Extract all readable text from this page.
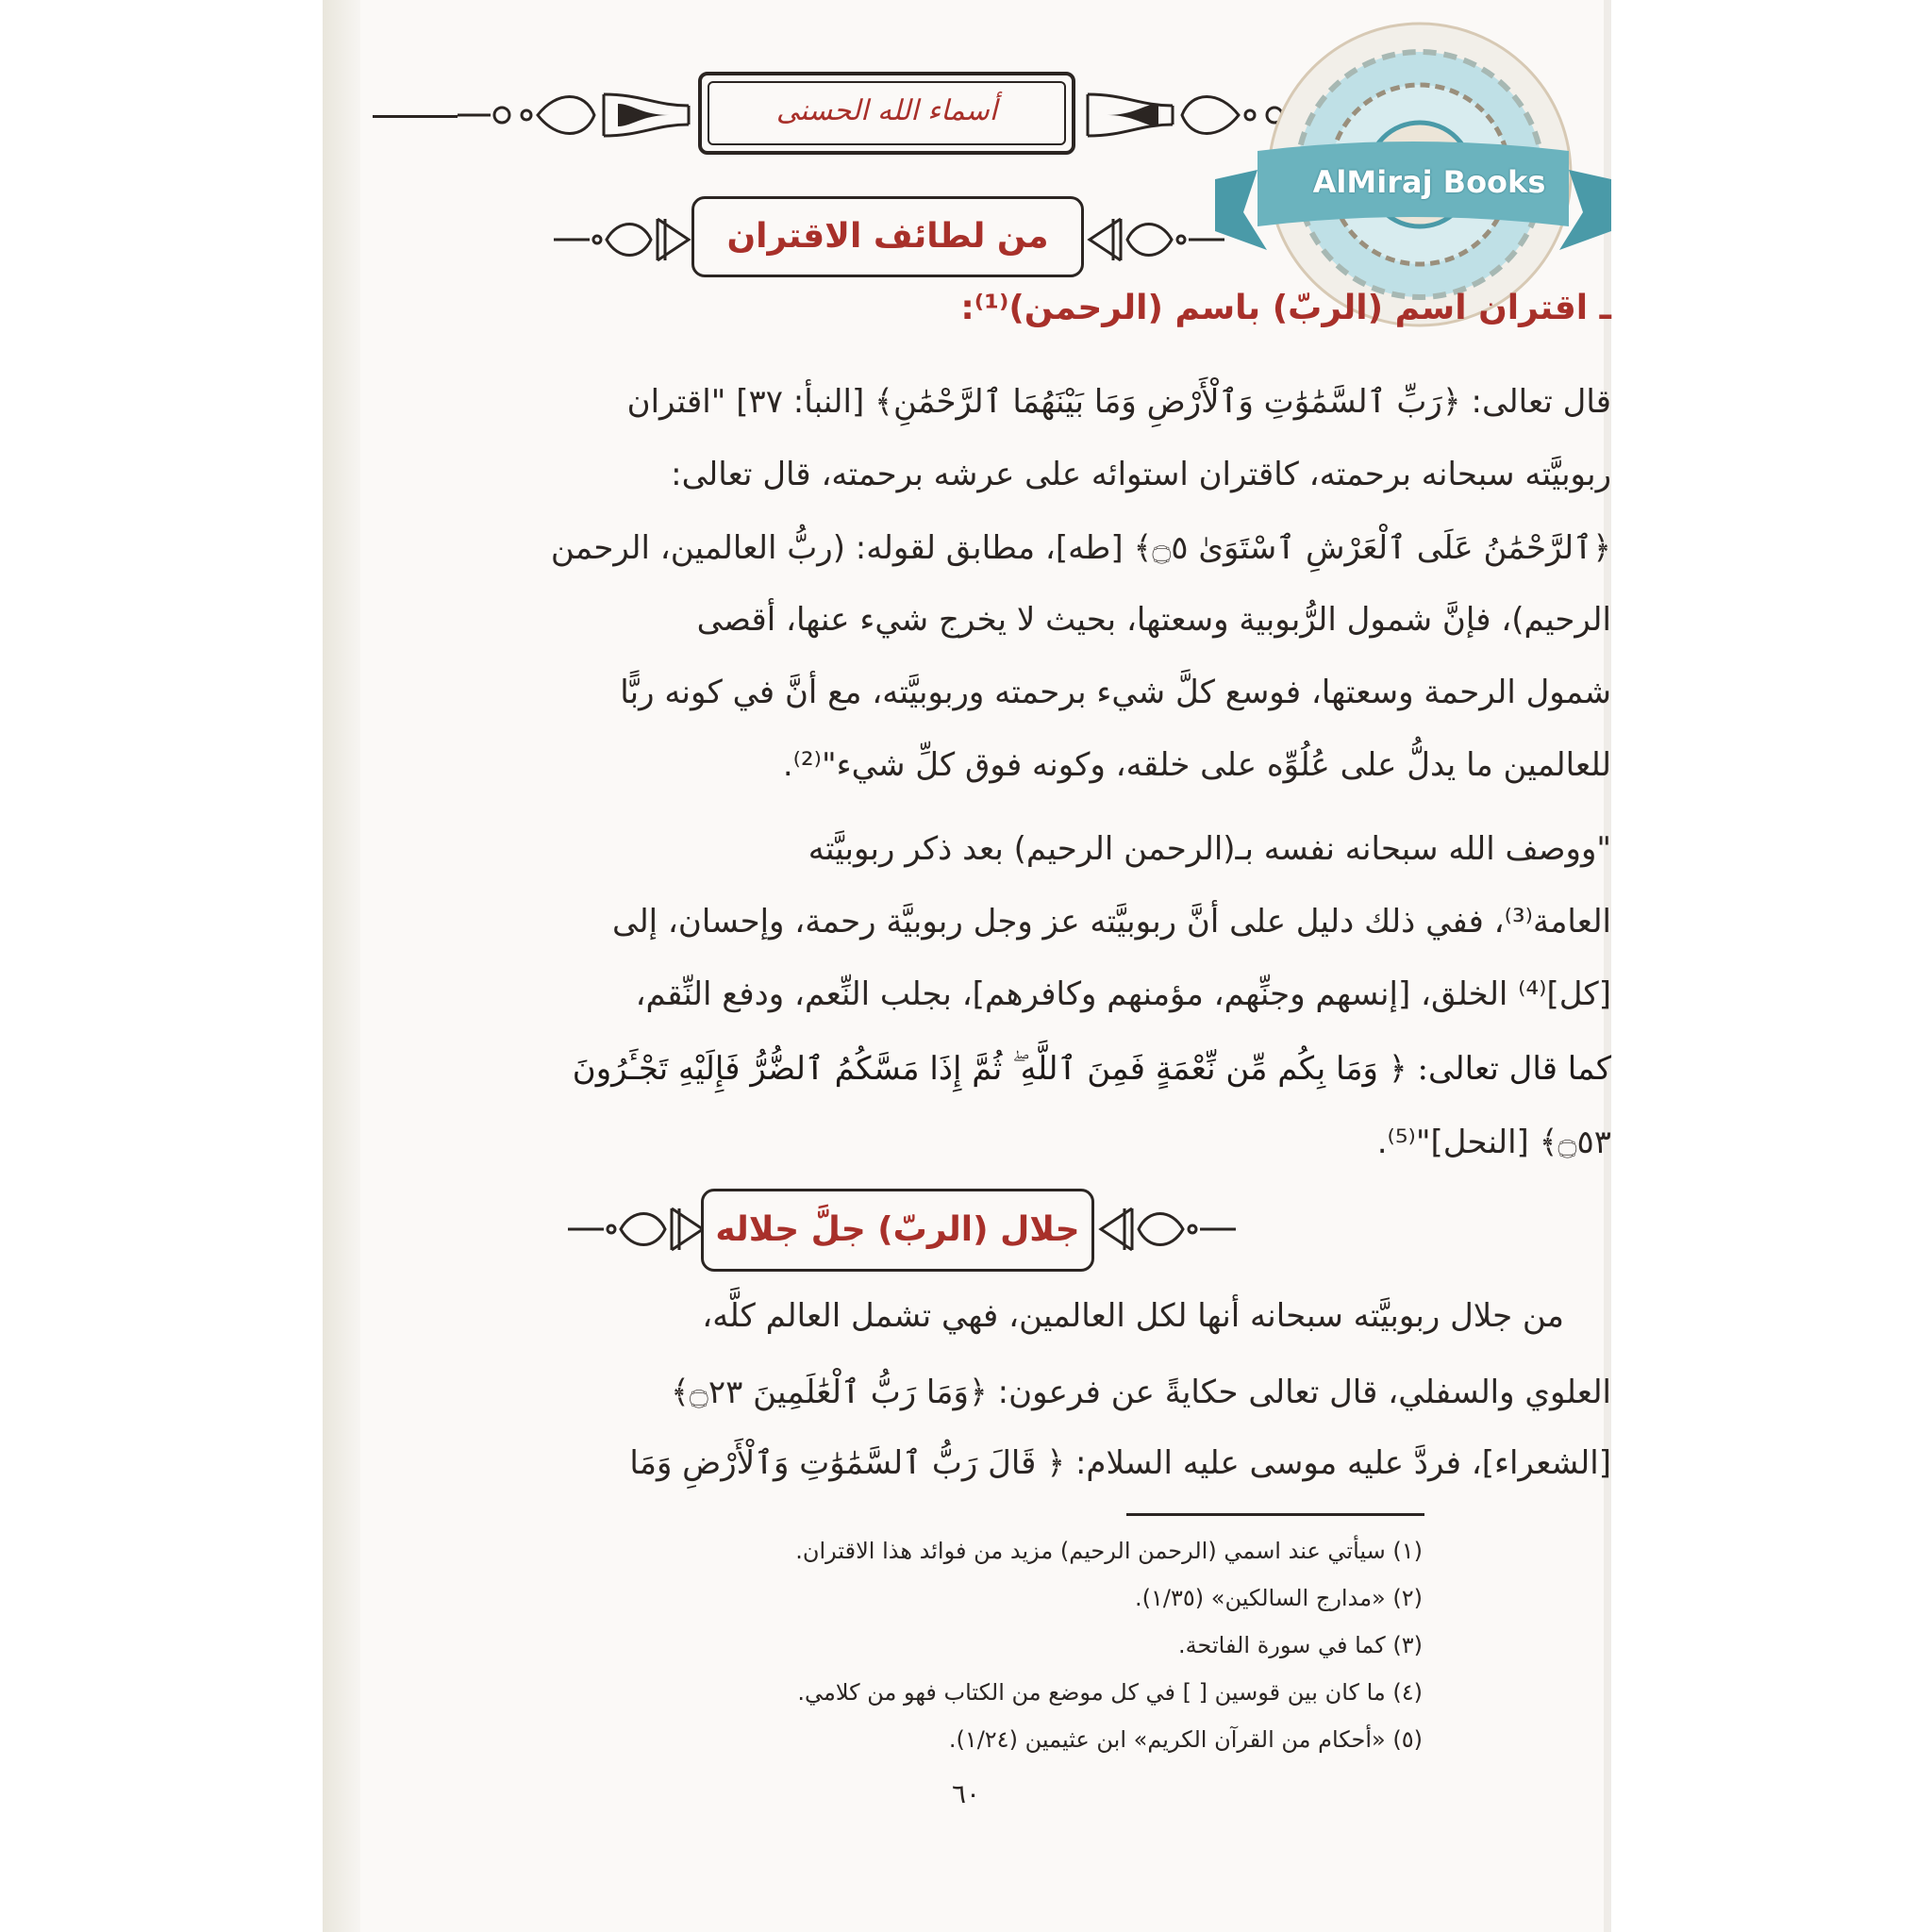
أسماء الله الحسنى
AlMiraj Books
من لطائف الاقتران
ـ اقتران اسم (الربّ) باسم (الرحمن)⁽¹⁾:
قال تعالى: ﴿رَبِّ ٱلسَّمَٰوَٰتِ وَٱلْأَرْضِ وَمَا بَيْنَهُمَا ٱلرَّحْمَٰنِ﴾ [النبأ: ٣٧] "اقتران
ربوبيَّته سبحانه برحمته، كاقتران استوائه على عرشه برحمته، قال تعالى:
﴿ٱلرَّحْمَٰنُ عَلَى ٱلْعَرْشِ ٱسْتَوَىٰ ۝٥﴾ [طه]، مطابق لقوله: (ربُّ العالمين، الرحمن
الرحيم)، فإنَّ شمول الرُّبوبية وسعتها، بحيث لا يخرج شيء عنها، أقصى
شمول الرحمة وسعتها، فوسع كلَّ شيء برحمته وربوبيَّته، مع أنَّ في كونه ربًّا
للعالمين ما يدلُّ على عُلُوِّه على خلقه، وكونه فوق كلِّ شيء"⁽²⁾.
"ووصف الله سبحانه نفسه بـ(الرحمن الرحيم) بعد ذكر ربوبيَّته
العامة⁽³⁾، ففي ذلك دليل على أنَّ ربوبيَّته عز وجل ربوبيَّة رحمة، وإحسان، إلى
[كل]⁽⁴⁾ الخلق، [إنسهم وجنِّهم، مؤمنهم وكافرهم]، بجلب النِّعم، ودفع النِّقم،
كما قال تعالى: ﴿ وَمَا بِكُم مِّن نِّعْمَةٍ فَمِنَ ٱللَّهِ ۖ ثُمَّ إِذَا مَسَّكُمُ ٱلضُّرُّ فَإِلَيْهِ تَجْـَٔرُونَ
۝٥٣﴾ [النحل]"⁽⁵⁾.
جلال (الربّ) جلَّ جلاله
من جلال ربوبيَّته سبحانه أنها لكل العالمين، فهي تشمل العالم كلَّه،
العلوي والسفلي، قال تعالى حكايةً عن فرعون: ﴿وَمَا رَبُّ ٱلْعَٰلَمِينَ ۝٢٣﴾
[الشعراء]، فردَّ عليه موسى عليه السلام: ﴿ قَالَ رَبُّ ٱلسَّمَٰوَٰتِ وَٱلْأَرْضِ وَمَا
(١) سيأتي عند اسمي (الرحمن الرحيم) مزيد من فوائد هذا الاقتران.
(٢) «مدارج السالكين» (١/٣٥).
(٣) كما في سورة الفاتحة.
(٤) ما كان بين قوسين [ ] في كل موضع من الكتاب فهو من كلامي.
(٥) «أحكام من القرآن الكريم» ابن عثيمين (١/٢٤).
٦٠
